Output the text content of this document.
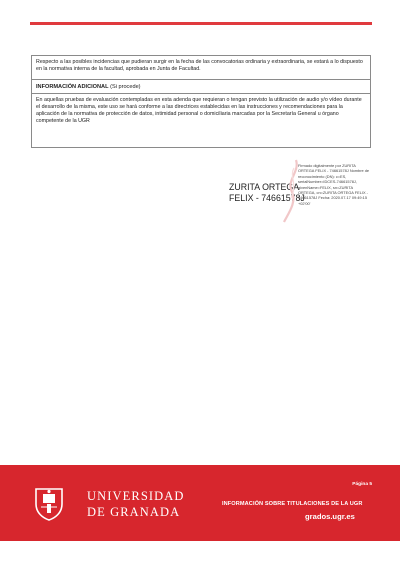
Respecto a las posibles incidencias que pudieran surgir en la fecha de las convocatorias ordinaria y extraordinaria, se estará a lo dispuesto en la normativa interna de la facultad, aprobada en Junta de Facultad.
INFORMACIÓN ADICIONAL (Si procede)
En aquellas pruebas de evaluación contempladas en esta adenda que requieran o tengan previsto la utilización de audio y/o vídeo durante el desarrollo de la misma, este uso se hará conforme a las directrices establecidas en las instrucciones y recomendaciones para la aplicación de la normativa de protección de datos, intimidad personal o domiciliaria marcadas por la Secretaría General u órgano competente de la UGR
ZURITA ORTEGA
FELIX - 74661578J
Firmado digitalmente por ZURITA ORTEGA FELIX - 74661578J Nombre de reconocimiento (DN): c=ES, serialNumber=IDCES-74661578J, givenName=FELIX, sn=ZURITA ORTEGA, cn=ZURITA ORTEGA FELIX - 74661578J Fecha: 2020.07.17 09:49:15 +02'00'
UNIVERSIDAD
DE GRANADA
Página 5
INFORMACIÓN SOBRE TITULACIONES DE LA UGR
grados.ugr.es
